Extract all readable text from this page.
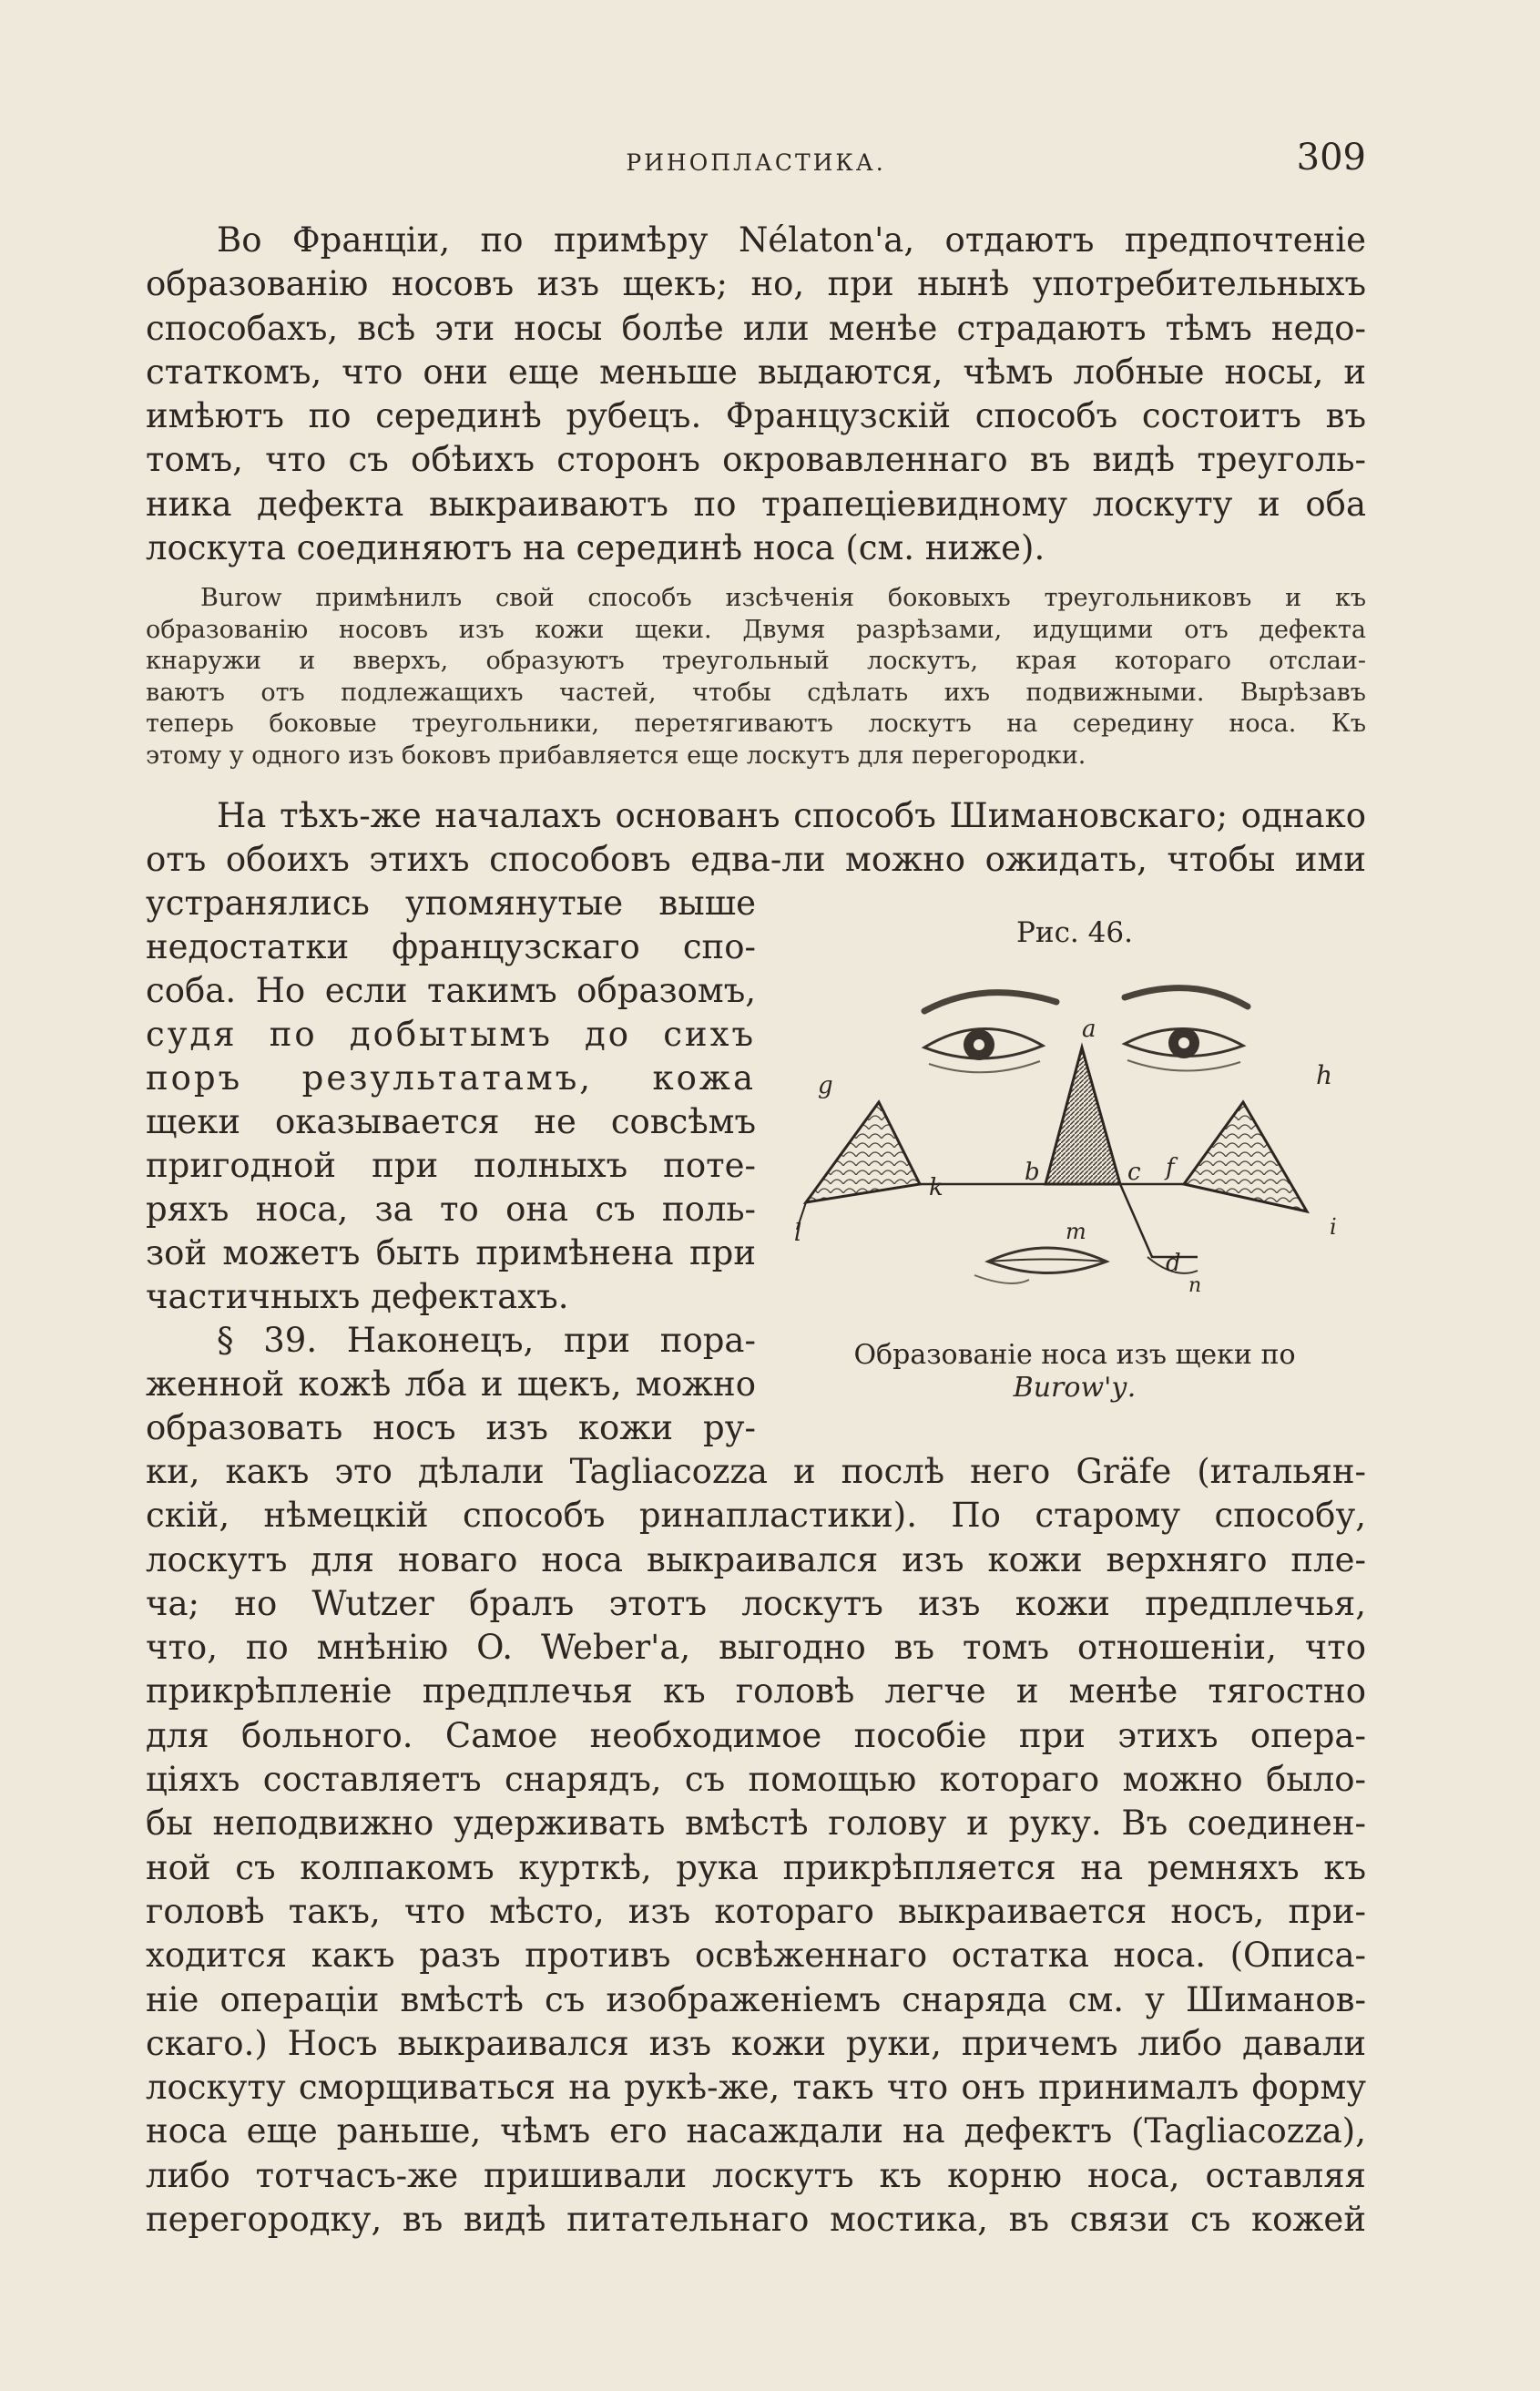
РИНОПЛАСТИКА.	309
Во Франціи, по примѣру Nélaton'а, отдаютъ предпочтеніе
образованію носовъ изъ щекъ; но, при нынѣ употребительныхъ
способахъ, всѣ эти носы болѣе или менѣе страдаютъ тѣмъ недо-
статкомъ, что они еще меньше выдаются, чѣмъ лобные носы, и
имѣютъ по серединѣ рубецъ. Французскій способъ состоитъ въ
томъ, что съ обѣихъ сторонъ окровавленнаго въ видѣ треуголь-
ника дефекта выкраиваютъ по трапеціевидному лоскуту и оба
лоскута соединяютъ на серединѣ носа (см. ниже).
Burow примѣнилъ свой способъ изсѣченія боковыхъ треугольниковъ и къ
образованію носовъ изъ кожи щеки. Двумя разрѣзами, идущими отъ дефекта
кнаружи и вверхъ, образуютъ треугольный лоскутъ, края котораго отслаи-
ваютъ отъ подлежащихъ частей, чтобы сдѣлать ихъ подвижными. Вырѣзавъ
теперь боковые треугольники, перетягиваютъ лоскутъ на середину носа. Къ
этому у одного изъ боковъ прибавляется еще лоскутъ для перегородки.
На тѣхъ-же началахъ основанъ способъ Шимановскаго; однако
отъ обоихъ этихъ способовъ едва-ли можно ожидать, чтобы ими
устранялись упомянутые выше
недостатки французскаго спо-
соба. Но если такимъ образомъ,
судя по добытымъ до сихъ
поръ результатамъ, кожа
щеки оказывается не совсѣмъ
пригодной при полныхъ поте-
ряхъ носа, за то она съ поль-
зой можетъ быть примѣнена при
частичныхъ дефектахъ.
§ 39. Наконецъ, при пора-
женной кожѣ лба и щекъ, можно
образовать носъ изъ кожи ру-
Рис. 46.
a
g	h
b	c f
k
l	i
m
d
n
Образованіе носа изъ щеки по
Burow'у.
ки, какъ это дѣлали Tagliacozza и послѣ него Gräfe (итальян-
скій, нѣмецкій способъ ринапластики). По старому способу,
лоскутъ для новаго носа выкраивался изъ кожи верхняго пле-
ча; но Wutzer бралъ этотъ лоскутъ изъ кожи предплечья,
что, по мнѣнію O. Weber'а, выгодно въ томъ отношеніи, что
прикрѣпленіе предплечья къ головѣ легче и менѣе тягостно
для больного. Самое необходимое пособіе при этихъ опера-
ціяхъ составляетъ снарядъ, съ помощью котораго можно было-
бы неподвижно удерживать вмѣстѣ голову и руку. Въ соединен-
ной съ колпакомъ курткѣ, рука прикрѣпляется на ремняхъ къ
головѣ такъ, что мѣсто, изъ котораго выкраивается носъ, при-
ходится какъ разъ противъ освѣженнаго остатка носа. (Описа-
ніе операціи вмѣстѣ съ изображеніемъ снаряда см. у Шиманов-
скаго.) Носъ выкраивался изъ кожи руки, причемъ либо давали
лоскуту сморщиваться на рукѣ-же, такъ что онъ принималъ форму
носа еще раньше, чѣмъ его насаждали на дефектъ (Tagliacozza),
либо тотчасъ-же пришивали лоскутъ къ корню носа, оставляя
перегородку, въ видѣ питательнаго мостика, въ связи съ кожей
